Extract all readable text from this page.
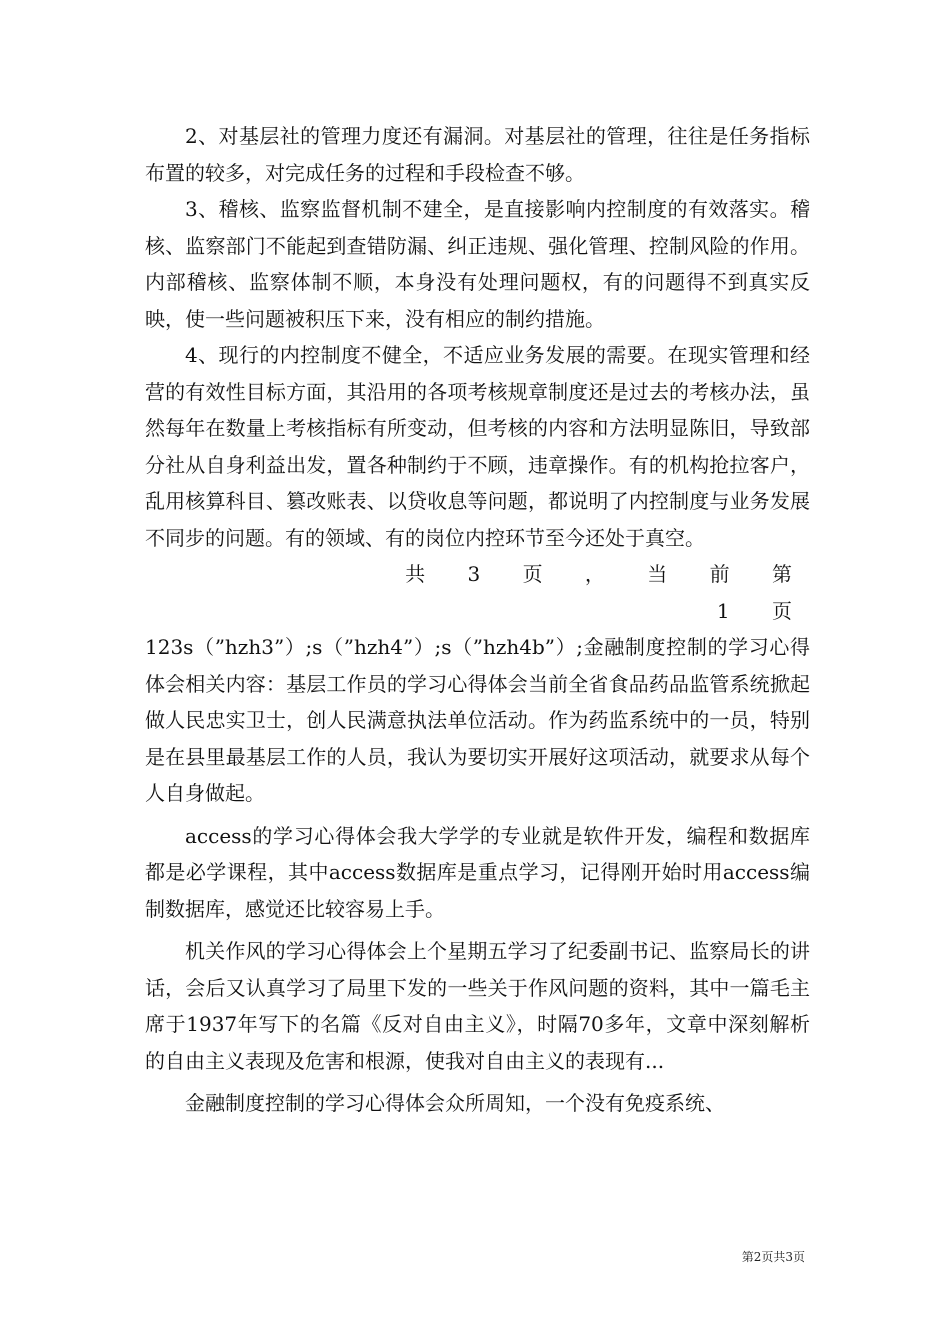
2、对基层社的管理力度还有漏洞。对基层社的管理，往往是任务指标布置的较多，对完成任务的过程和手段检查不够。

3、稽核、监察监督机制不建全，是直接影响内控制度的有效落实。稽核、监察部门不能起到查错防漏、纠正违规、强化管理、控制风险的作用。内部稽核、监察体制不顺，本身没有处理问题权，有的问题得不到真实反映，使一些问题被积压下来，没有相应的制约措施。

4、现行的内控制度不健全，不适应业务发展的需要。在现实管理和经营的有效性目标方面，其沿用的各项考核规章制度还是过去的考核办法，虽然每年在数量上考核指标有所变动，但考核的内容和方法明显陈旧，导致部分社从自身利益出发，置各种制约于不顾，违章操作。有的机构抢拉客户，乱用核算科目、篡改账表、以贷收息等问题，都说明了内控制度与业务发展不同步的问题。有的领域、有的岗位内控环节至今还处于真空。

共 3 页 ， 当 前 第 1 页

123s（”hzh3”）;s（”hzh4”）;s（”hzh4b”）;金融制度控制的学习心得体会相关内容：基层工作员的学习心得体会当前全省食品药品监管系统掀起做人民忠实卫士，创人民满意执法单位活动。作为药监系统中的一员，特别是在县里最基层工作的人员，我认为要切实开展好这项活动，就要求从每个人自身做起。

access的学习心得体会我大学学的专业就是软件开发，编程和数据库都是必学课程，其中access数据库是重点学习，记得刚开始时用access编制数据库，感觉还比较容易上手。

机关作风的学习心得体会上个星期五学习了纪委副书记、监察局长的讲话，会后又认真学习了局里下发的一些关于作风问题的资料，其中一篇毛主席于1937年写下的名篇《反对自由主义》，时隔70多年，文章中深刻解析的自由主义表现及危害和根源，使我对自由主义的表现有...

金融制度控制的学习心得体会众所周知，一个没有免疫系统、

第2页共3页
